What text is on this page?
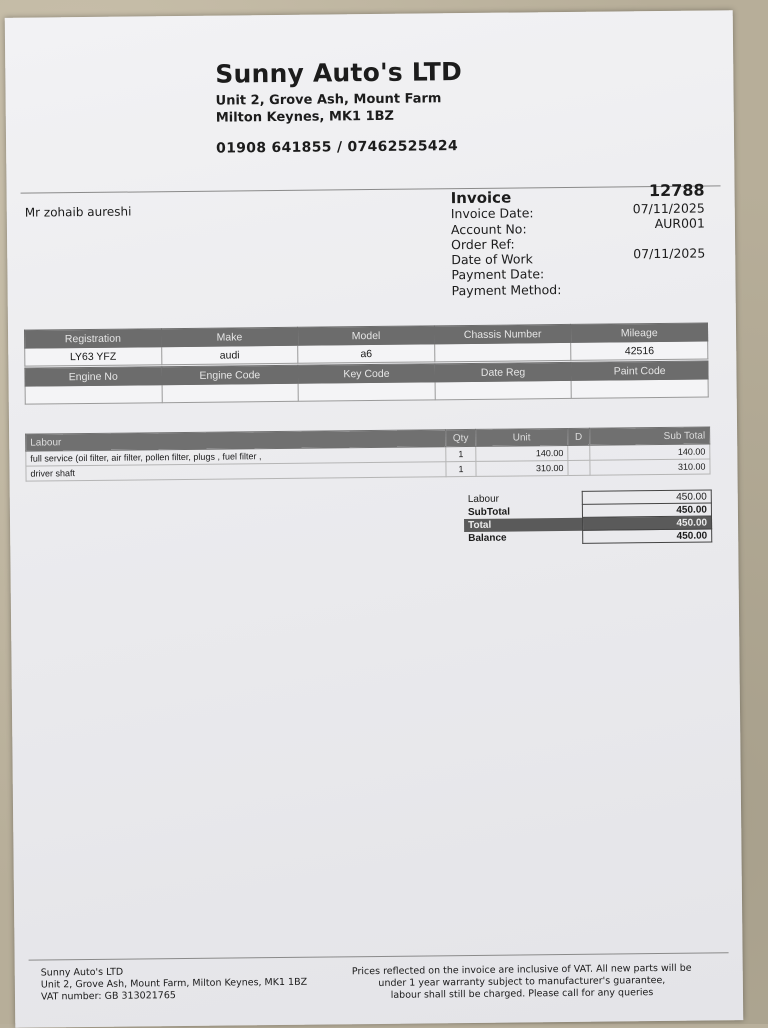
Sunny Auto's LTD
Unit 2, Grove Ash, Mount Farm
Milton Keynes, MK1 1BZ
01908 641855 / 07462525424
Mr zohaib aureshi
Invoice	12788
Invoice Date:	07/11/2025
Account No:	AUR001
Order Ref:
Date of Work	07/11/2025
Payment Date:
Payment Method:
Registration	Make	Model	Chassis Number	Mileage
LY63 YFZ	audi	a6		42516
Engine No	Engine Code	Key Code	Date Reg	Paint Code

Labour	Qty	Unit	D	Sub Total
full service (oil filter, air filter, pollen filter, plugs , fuel filter ,	1	140.00		140.00
driver shaft	1	310.00		310.00
Labour	450.00
SubTotal	450.00
Total	450.00
Balance	450.00
Sunny Auto's LTD
Unit 2, Grove Ash, Mount Farm, Milton Keynes, MK1 1BZ
VAT number: GB 313021765
Prices reflected on the invoice are inclusive of VAT. All new parts will be
under 1 year warranty subject to manufacturer's guarantee,
labour shall still be charged. Please call for any queries
